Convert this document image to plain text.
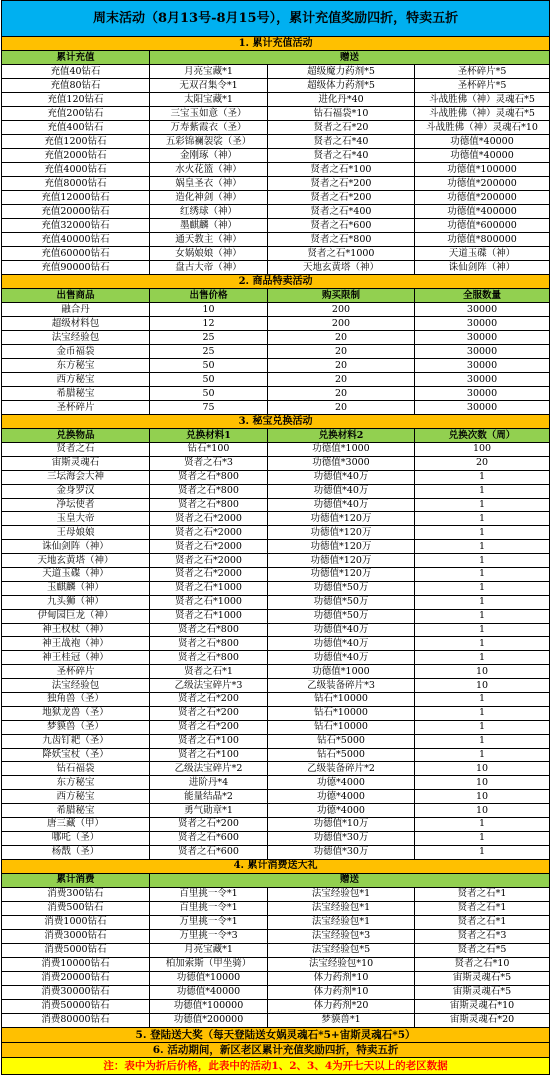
周末活动（8月13号-8月15号），累计充值奖励四折，特卖五折			
1. 累计充值活动			
累计充值	赠送		
充值40钻石	月亮宝藏*1	超级魔力药剂*5	圣杯碎片*5
充值80钻石	无双召集令*1	超级体力药剂*5	圣杯碎片*5
充值120钻石	太阳宝藏*1	进化丹*40	斗战胜佛（神）灵魂石*5
充值200钻石	三宝玉如意（圣）	钻石福袋*10	斗战胜佛（神）灵魂石*5
充值400钻石	万寿紫霞衣（圣）	贤者之石*20	斗战胜佛（神）灵魂石*10
充值1200钻石	五彩锦襕袈裟（圣）	贤者之石*40	功德值*40000
充值2000钻石	金刚琢（神）	贤者之石*40	功德值*40000
充值4000钻石	水火花篮（神）	贤者之石*100	功德值*100000
充值8000钻石	娲皇圣衣（神）	贤者之石*200	功德值*200000
充值12000钻石	造化神剑（神）	贤者之石*200	功德值*200000
充值20000钻石	红绣球（神）	贤者之石*400	功德值*400000
充值32000钻石	墨麒麟（神）	贤者之石*600	功德值*600000
充值40000钻石	通天教主（神）	贤者之石*800	功德值*800000
充值60000钻石	女娲娘娘（神）	贤者之石*1000	天道玉碟（神）
充值90000钻石	盘古大帝（神）	天地玄黄塔（神）	诛仙剑阵（神）
2. 商品特卖活动			
出售商品	出售价格	购买限制	全服数量
融合丹	10	200	30000
超级材料包	12	200	30000
法宝经验包	25	20	30000
金币福袋	25	20	30000
东方秘宝	50	20	30000
西方秘宝	50	20	30000
希腊秘宝	50	20	30000
圣杯碎片	75	20	30000
3. 秘宝兑换活动			
兑换物品	兑换材料1	兑换材料2	兑换次数（周）
贤者之石	钻石*100	功德值*1000	100
宙斯灵魂石	贤者之石*3	功德值*3000	20
三坛海会大神	贤者之石*800	功德值*40万	1
金身罗汉	贤者之石*800	功德值*40万	1
净坛使者	贤者之石*800	功德值*40万	1
玉皇大帝	贤者之石*2000	功德值*120万	1
王母娘娘	贤者之石*2000	功德值*120万	1
诛仙剑阵（神）	贤者之石*2000	功德值*120万	1
天地玄黄塔（神）	贤者之石*2000	功德值*120万	1
天道玉碟（神）	贤者之石*2000	功德值*120万	1
玉麒麟（神）	贤者之石*1000	功德值*50万	1
九头狮（神）	贤者之石*1000	功德值*50万	1
伊甸园巨龙（神）	贤者之石*1000	功德值*50万	1
神王权杖（神）	贤者之石*800	功德值*40万	1
神王战袍（神）	贤者之石*800	功德值*40万	1
神王桂冠（神）	贤者之石*800	功德值*40万	1
圣杯碎片	贤者之石*1	功德值*1000	10
法宝经验包	乙级法宝碎片*3	乙级装备碎片*3	10
独角兽（圣）	贤者之石*200	钻石*10000	1
地狱龙兽（圣）	贤者之石*200	钻石*10000	1
梦貘兽（圣）	贤者之石*200	钻石*10000	1
九齿钉耙（圣）	贤者之石*100	钻石*5000	1
降妖宝杖（圣）	贤者之石*100	钻石*5000	1
钻石福袋	乙级法宝碎片*2	乙级装备碎片*2	10
东方秘宝	进阶丹*4	功德*4000	10
西方秘宝	能量结晶*2	功德*4000	10
希腊秘宝	勇气勋章*1	功德*4000	10
唐三藏（甲）	贤者之石*200	功德值*10万	1
哪吒（圣）	贤者之石*600	功德值*30万	1
杨戬（圣）	贤者之石*600	功德值*30万	1
4. 累计消费送大礼			
累计消费	赠送		
消费300钻石	百里挑一令*1	法宝经验包*1	贤者之石*1
消费500钻石	百里挑一令*1	法宝经验包*1	贤者之石*1
消费1000钻石	万里挑一令*1	法宝经验包*1	贤者之石*1
消费3000钻石	万里挑一令*3	法宝经验包*3	贤者之石*3
消费5000钻石	月亮宝藏*1	法宝经验包*5	贤者之石*5
消费10000钻石	柏加索斯（甲坐骑）	法宝经验包*10	贤者之石*10
消费20000钻石	功德值*10000	体力药剂*10	宙斯灵魂石*5
消费30000钻石	功德值*40000	体力药剂*10	宙斯灵魂石*5
消费50000钻石	功德值*100000	体力药剂*20	宙斯灵魂石*10
消费80000钻石	功德值*200000	梦貘兽*1	宙斯灵魂石*20
5. 登陆送大奖（每天登陆送女娲灵魂石*5+宙斯灵魂石*5）			
6. 活动期间，新区老区累计充值奖励四折，特卖五折			
注：表中为折后价格，此表中的活动1、2、3、4为开七天以上的老区数据			
